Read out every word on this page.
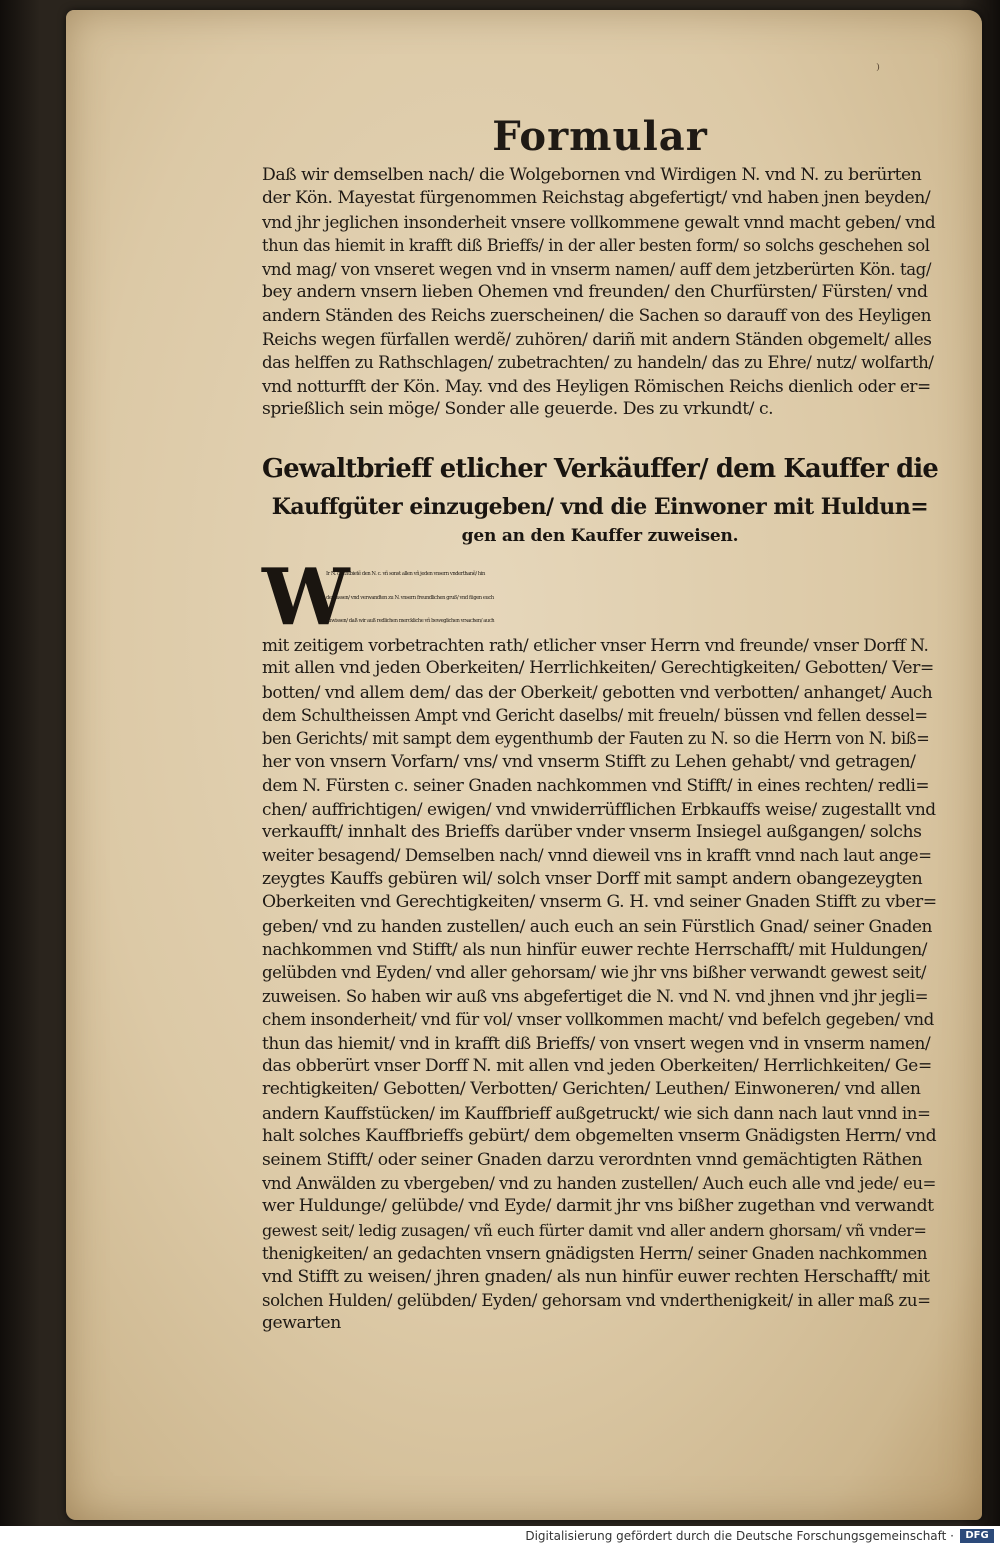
⁾
Formular

Daß wir demselben nach/ die Wolgebornen vnd Wirdigen N. vnd N. zu berürten

der Kön. Mayestat fürgenommen Reichstag abgefertigt/ vnd haben jnen beyden/

vnd jhr jeglichen insonderheit vnsere vollkommene gewalt vnnd macht geben/ vnd

thun das hiemit in krafft diß Brieffs/ in der aller besten form/ so solchs geschehen sol

vnd mag/ von vnseret wegen vnd in vnserm namen/ auff dem jetzberürten Kön. tag/

bey andern vnsern lieben Ohemen vnd freunden/ den Churfürsten/ Fürsten/ vnd

andern Ständen des Reichs zuerscheinen/ die Sachen so darauff von des Heyligen

Reichs wegen fürfallen werdẽ/ zuhören/ dariñ mit andern Ständen obgemelt/ alles

das helffen zu Rathschlagen/ zubetrachten/ zu handeln/ das zu Ehre/ nutz/ wolfarth/

vnd notturfft der Kön. May. vnd des Heyligen Römischen Reichs dienlich oder er=

sprießlich sein möge/ Sonder alle geuerde. Des zu vrkundt/ c.

Gewaltbrieff etlicher Verkäuffer/ dem Kauffer die
Kauffgüter einzugeben/ vnd die Einwoner mit Huldun=
gen an den Kauffer zuweisen.
W

Ir N. c. Entbietẽ den N. c. vñ sonst allen vñ jeden vnsern vnderthanẽ/ hin

dersassen/ vnd verwandten zu N. vnsern freundlichen gruß/ vnd fügen euch

zuwissen/ daß wir auß redlichen merckliche vñ beweglichen vrsachen/ auch

mit zeitigem vorbetrachten rath/ etlicher vnser Herrn vnd freunde/ vnser Dorff N.

mit allen vnd jeden Oberkeiten/ Herrlichkeiten/ Gerechtigkeiten/ Gebotten/ Ver=

botten/ vnd allem dem/ das der Oberkeit/ gebotten vnd verbotten/ anhanget/ Auch

dem Schultheissen Ampt vnd Gericht daselbs/ mit freueln/ büssen vnd fellen dessel=

ben Gerichts/ mit sampt dem eygenthumb der Fauten zu N. so die Herrn von N. biß=

her von vnsern Vorfarn/ vns/ vnd vnserm Stifft zu Lehen gehabt/ vnd getragen/

dem N. Fürsten c. seiner Gnaden nachkommen vnd Stifft/ in eines rechten/ redli=

chen/ auffrichtigen/ ewigen/ vnd vnwiderrüfflichen Erbkauffs weise/ zugestallt vnd

verkaufft/ innhalt des Brieffs darüber vnder vnserm Insiegel außgangen/ solchs

weiter besagend/ Demselben nach/ vnnd dieweil vns in krafft vnnd nach laut ange=

zeygtes Kauffs gebüren wil/ solch vnser Dorff mit sampt andern obangezeygten

Oberkeiten vnd Gerechtigkeiten/ vnserm G. H. vnd seiner Gnaden Stifft zu vber=

geben/ vnd zu handen zustellen/ auch euch an sein Fürstlich Gnad/ seiner Gnaden

nachkommen vnd Stifft/ als nun hinfür euwer rechte Herrschafft/ mit Huldungen/

gelübden vnd Eyden/ vnd aller gehorsam/ wie jhr vns bißher verwandt gewest seit/

zuweisen. So haben wir auß vns abgefertiget die N. vnd N. vnd jhnen vnd jhr jegli=

chem insonderheit/ vnd für vol/ vnser vollkommen macht/ vnd befelch gegeben/ vnd

thun das hiemit/ vnd in krafft diß Brieffs/ von vnsert wegen vnd in vnserm namen/

das obberürt vnser Dorff N. mit allen vnd jeden Oberkeiten/ Herrlichkeiten/ Ge=

rechtigkeiten/ Gebotten/ Verbotten/ Gerichten/ Leuthen/ Einwoneren/ vnd allen

andern Kauffstücken/ im Kauffbrieff außgetruckt/ wie sich dann nach laut vnnd in=

halt solches Kauffbrieffs gebürt/ dem obgemelten vnserm Gnädigsten Herrn/ vnd

seinem Stifft/ oder seiner Gnaden darzu verordnten vnnd gemächtigten Räthen

vnd Anwälden zu vbergeben/ vnd zu handen zustellen/ Auch euch alle vnd jede/ eu=

wer Huldunge/ gelübde/ vnd Eyde/ darmit jhr vns bißher zugethan vnd verwandt

gewest seit/ ledig zusagen/ vñ euch fürter damit vnd aller andern ghorsam/ vñ vnder=

thenigkeiten/ an gedachten vnsern gnädigsten Herrn/ seiner Gnaden nachkommen

vnd Stifft zu weisen/ jhren gnaden/ als nun hinfür euwer rechten Herschafft/ mit

solchen Hulden/ gelübden/ Eyden/ gehorsam vnd vnderthenigkeit/ in aller maß zu=

gewarten

Digitalisierung gefördert durch die Deutsche Forschungsgemeinschaft ·	DFG
